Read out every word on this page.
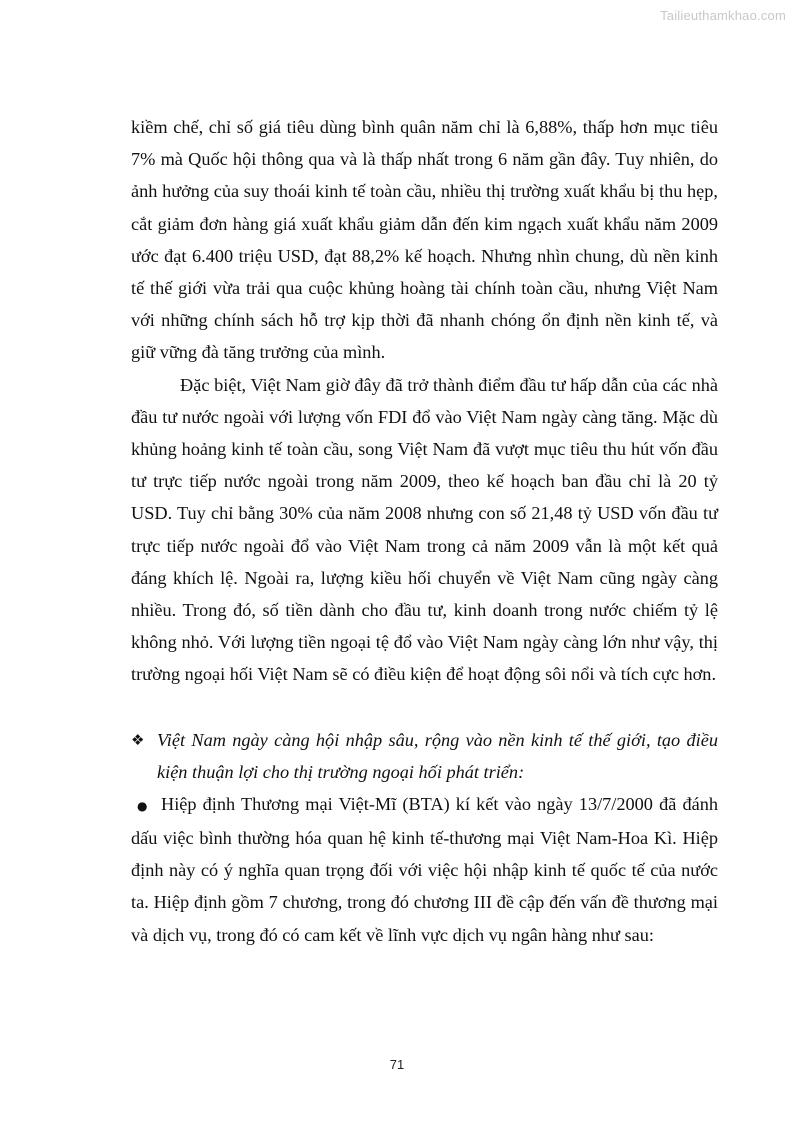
Tailieuthamkhao.com

kiềm chế, chỉ số giá tiêu dùng bình quân năm chỉ là 6,88%, thấp hơn mục tiêu 7% mà Quốc hội thông qua và là thấp nhất trong 6 năm gần đây. Tuy nhiên, do ảnh hưởng của suy thoái kinh tế toàn cầu, nhiều thị trường xuất khẩu bị thu hẹp, cắt giảm đơn hàng giá xuất khẩu giảm dẫn đến kim ngạch xuất khẩu năm 2009 ước đạt 6.400 triệu USD, đạt 88,2% kế hoạch. Nhưng nhìn chung, dù nền kinh tế thế giới vừa trải qua cuộc khủng hoàng tài chính toàn cầu, nhưng Việt Nam với những chính sách hỗ trợ kịp thời đã nhanh chóng ổn định nền kinh tế, và giữ vững đà tăng trưởng của mình.

Đặc biệt, Việt Nam giờ đây đã trở thành điểm đầu tư hấp dẫn của các nhà đầu tư nước ngoài với lượng vốn FDI đổ vào Việt Nam ngày càng tăng. Mặc dù khủng hoảng kinh tế toàn cầu, song Việt Nam đã vượt mục tiêu thu hút vốn đầu tư trực tiếp nước ngoài trong năm 2009, theo kế hoạch ban đầu chỉ là 20 tỷ USD. Tuy chỉ bằng 30% của năm 2008 nhưng con số 21,48 tỷ USD vốn đầu tư trực tiếp nước ngoài đổ vào Việt Nam trong cả năm 2009 vẫn là một kết quả đáng khích lệ. Ngoài ra, lượng kiều hối chuyển về Việt Nam cũng ngày càng nhiều. Trong đó, số tiền dành cho đầu tư, kinh doanh trong nước chiếm tỷ lệ không nhỏ. Với lượng tiền ngoại tệ đổ vào Việt Nam ngày càng lớn như vậy, thị trường ngoại hối Việt Nam sẽ có điều kiện để hoạt động sôi nổi và tích cực hơn.

❖ Việt Nam ngày càng hội nhập sâu, rộng vào nền kinh tế thế giới, tạo điều kiện thuận lợi cho thị trường ngoại hối phát triển:

● Hiệp định Thương mại Việt-Mĩ (BTA) kí kết vào ngày 13/7/2000 đã đánh dấu việc bình thường hóa quan hệ kinh tế-thương mại Việt Nam-Hoa Kì. Hiệp định này có ý nghĩa quan trọng đối với việc hội nhập kinh tế quốc tế của nước ta. Hiệp định gồm 7 chương, trong đó chương III đề cập đến vấn đề thương mại và dịch vụ, trong đó có cam kết về lĩnh vực dịch vụ ngân hàng như sau:

71
